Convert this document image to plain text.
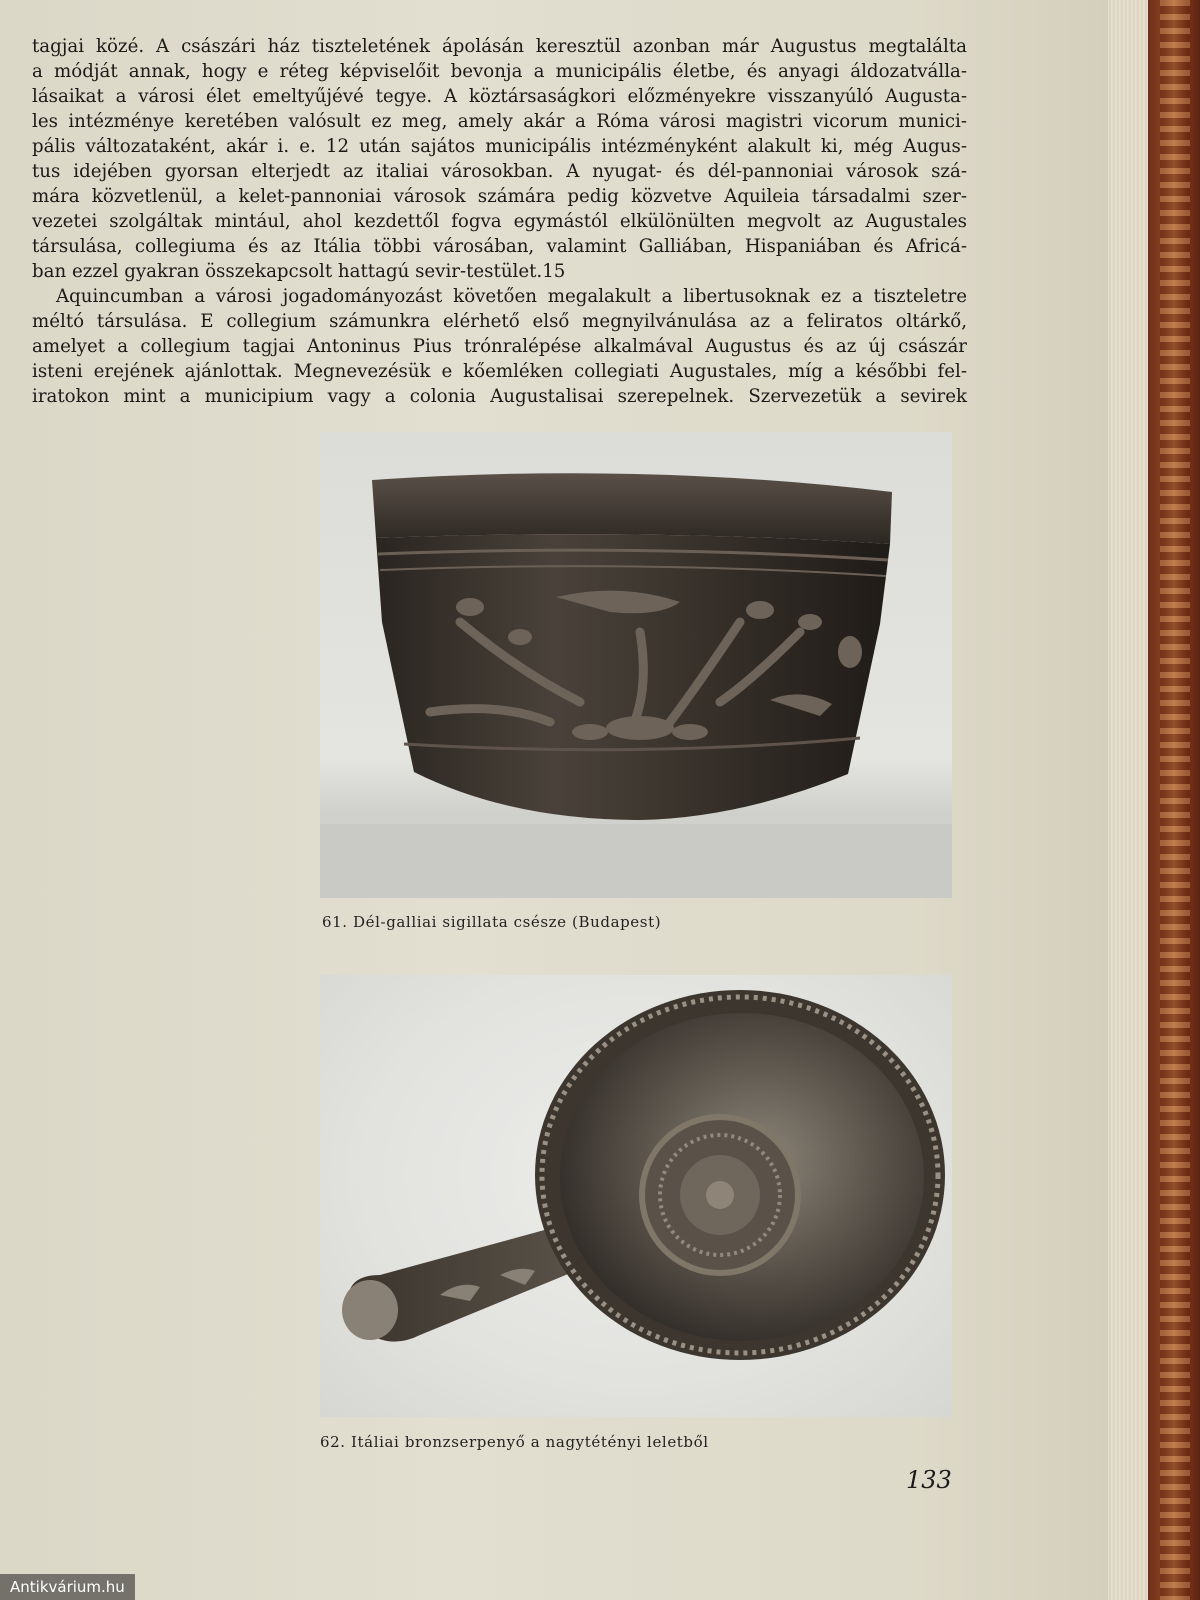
tagjai közé. A császári ház tiszteletének ápolásán keresztül azonban már Augustus megtalálta
a módját annak, hogy e réteg képviselőit bevonja a municipális életbe, és anyagi áldozatválla-
lásaikat a városi élet emeltyűjévé tegye. A köztársaságkori előzményekre visszanyúló Augusta-
les intézménye keretében valósult ez meg, amely akár a Róma városi magistri vicorum munici-
pális változataként, akár i. e. 12 után sajátos municipális intézményként alakult ki, még Augus-
tus idejében gyorsan elterjedt az italiai városokban. A nyugat- és dél-pannoniai városok szá-
mára közvetlenül, a kelet-pannoniai városok számára pedig közvetve Aquileia társadalmi szer-
vezetei szolgáltak mintául, ahol kezdettől fogva egymástól elkülönülten megvolt az Augustales
társulása, collegiuma és az Itália többi városában, valamint Galliában, Hispaniában és Africá-
ban ezzel gyakran összekapcsolt hattagú sevir-testület.15
Aquincumban a városi jogadományozást követően megalakult a libertusoknak ez a tiszteletre
méltó társulása. E collegium számunkra elérhető első megnyilvánulása az a feliratos oltárkő,
amelyet a collegium tagjai Antoninus Pius trónralépése alkalmával Augustus és az új császár
isteni erejének ajánlottak. Megnevezésük e kőemléken collegiati Augustales, míg a későbbi fel-
iratokon mint a municipium vagy a colonia Augustalisai szerepelnek. Szervezetük a sevirek
61. Dél-galliai sigillata csésze (Budapest)
62. Itáliai bronzserpenyő a nagytétényi leletből
133
Antikvárium.hu
